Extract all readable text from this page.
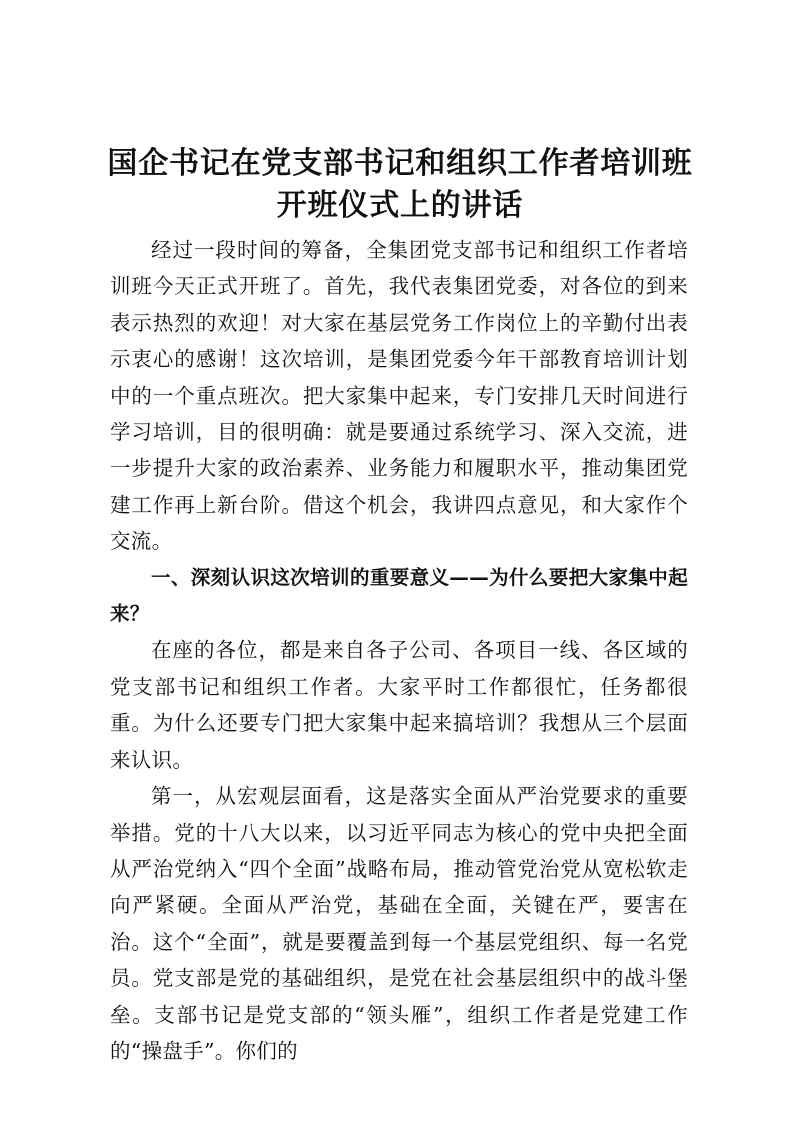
国企书记在党支部书记和组织工作者培训班开班仪式上的讲话

经过一段时间的筹备，全集团党支部书记和组织工作者培训班今天正式开班了。首先，我代表集团党委，对各位的到来表示热烈的欢迎！对大家在基层党务工作岗位上的辛勤付出表示衷心的感谢！这次培训，是集团党委今年干部教育培训计划中的一个重点班次。把大家集中起来，专门安排几天时间进行学习培训，目的很明确：就是要通过系统学习、深入交流，进一步提升大家的政治素养、业务能力和履职水平，推动集团党建工作再上新台阶。借这个机会，我讲四点意见，和大家作个交流。

一、深刻认识这次培训的重要意义——为什么要把大家集中起来？

在座的各位，都是来自各子公司、各项目一线、各区域的党支部书记和组织工作者。大家平时工作都很忙，任务都很重。为什么还要专门把大家集中起来搞培训？我想从三个层面来认识。

第一，从宏观层面看，这是落实全面从严治党要求的重要举措。党的十八大以来，以习近平同志为核心的党中央把全面从严治党纳入“四个全面”战略布局，推动管党治党从宽松软走向严紧硬。全面从严治党，基础在全面，关键在严，要害在治。这个“全面”，就是要覆盖到每一个基层党组织、每一名党员。党支部是党的基础组织，是党在社会基层组织中的战斗堡垒。支部书记是党支部的“领头雁”，组织工作者是党建工作的“操盘手”。你们的
